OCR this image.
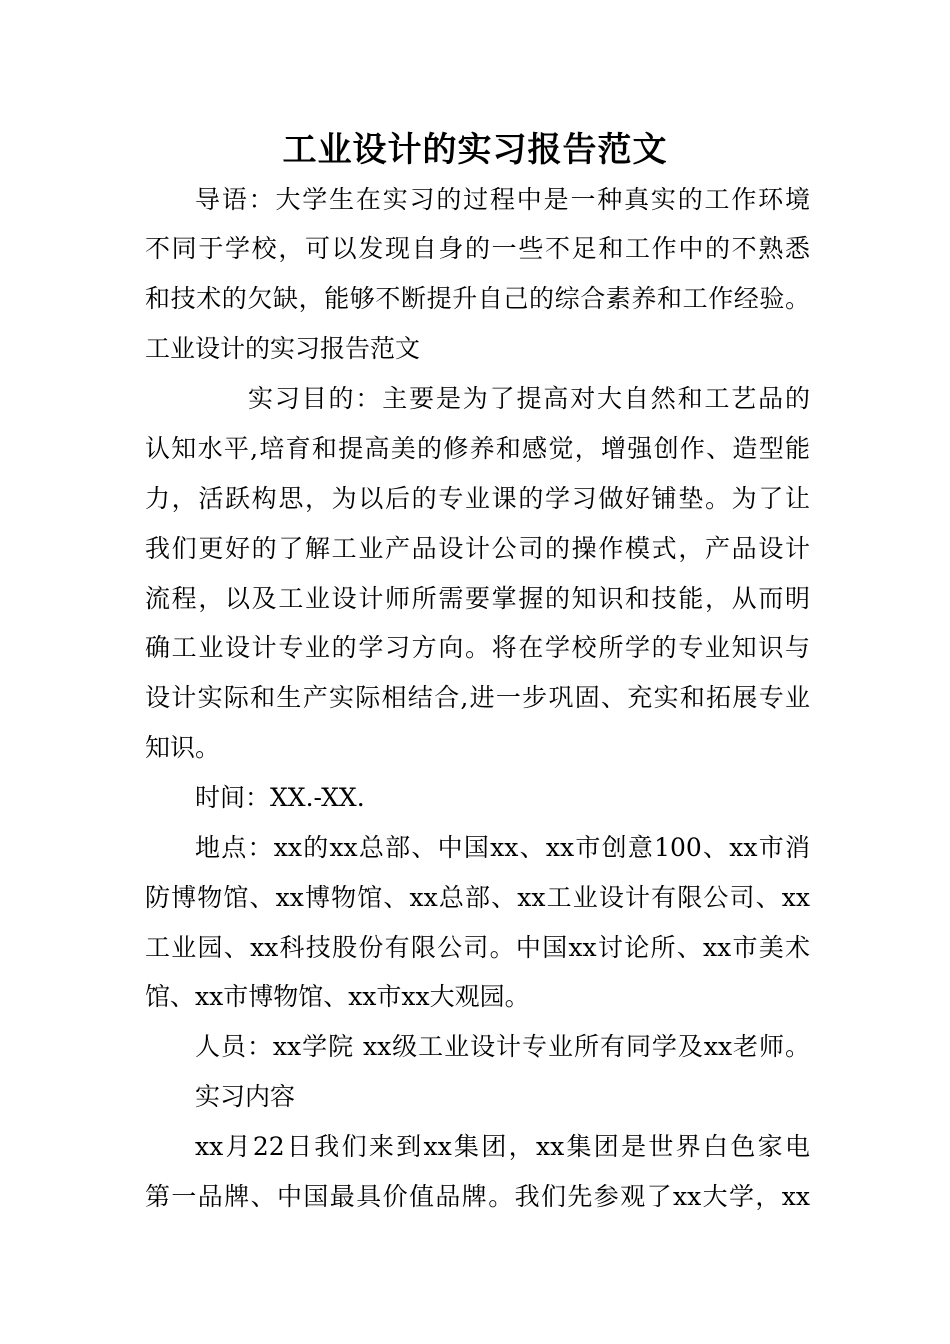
工业设计的实习报告范文
导语：大学生在实习的过程中是一种真实的工作环境
不同于学校，可以发现自身的一些不足和工作中的不熟悉
和技术的欠缺，能够不断提升自己的综合素养和工作经验。
工业设计的实习报告范文
实习目的：主要是为了提高对大自然和工艺品的
认知水平,培育和提高美的修养和感觉，增强创作、造型能
力，活跃构思，为以后的专业课的学习做好铺垫。为了让
我们更好的了解工业产品设计公司的操作模式，产品设计
流程，以及工业设计师所需要掌握的知识和技能，从而明
确工业设计专业的学习方向。将在学校所学的专业知识与
设计实际和生产实际相结合,进一步巩固、充实和拓展专业
知识。
时间：XX.-XX.
地点：xx的xx总部、中国xx、xx市创意100、xx市消
防博物馆、xx博物馆、xx总部、xx工业设计有限公司、xx
工业园、xx科技股份有限公司。中国xx讨论所、xx市美术
馆、xx市博物馆、xx市xx大观园。
人员：xx学院 xx级工业设计专业所有同学及xx老师。
实习内容
xx月22日我们来到xx集团，xx集团是世界白色家电
第一品牌、中国最具价值品牌。我们先参观了xx大学，xx
